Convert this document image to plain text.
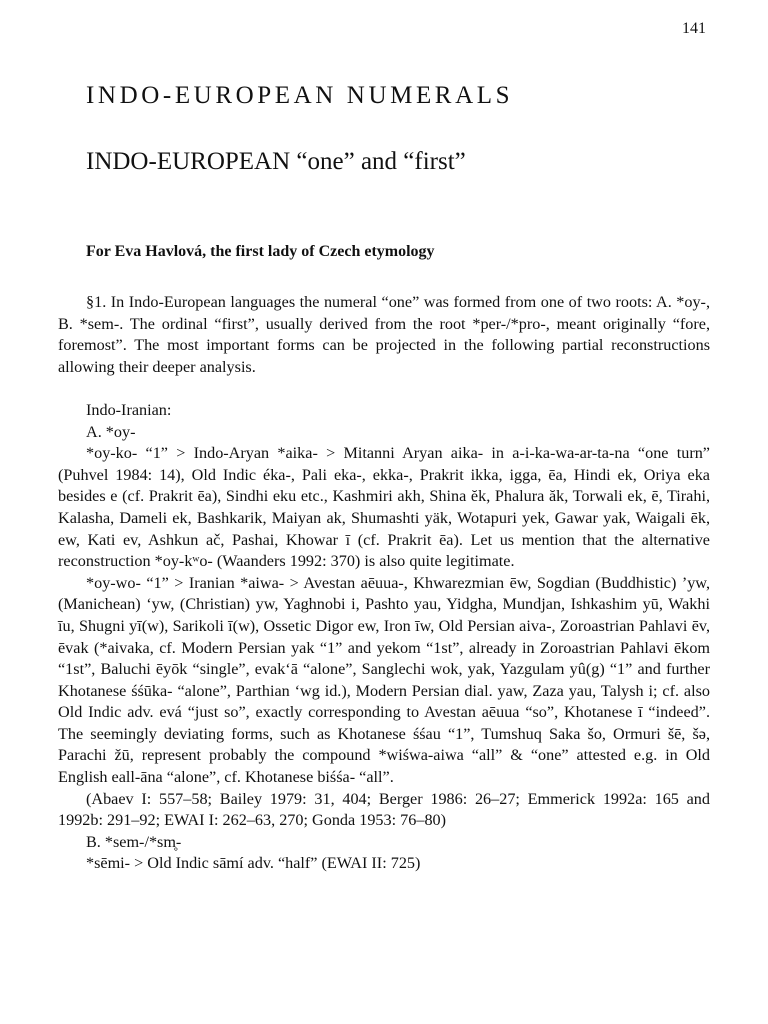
141
INDO-EUROPEAN NUMERALS
INDO-EUROPEAN “one” and “first”
For Eva Havlová, the first lady of Czech etymology

§1. In Indo-European languages the numeral “one” was formed from one of two roots: A. *oy-, B. *sem-. The ordinal “first”, usually derived from the root *per-/*pro-, meant originally “fore, foremost”. The most important forms can be projected in the following partial reconstructions allowing their deeper analysis.

Indo-Iranian:

A. *oy-

*oy-ko- “1” > Indo-Aryan *aika- > Mitanni Aryan aika- in a-i-ka-wa-ar-ta-na “one turn” (Puhvel 1984: 14), Old Indic éka-, Pali eka-, ekka-, Prakrit ikka, igga, ēa, Hindi ek, Oriya eka besides e (cf. Prakrit ēa), Sindhi eku etc., Kashmiri akh, Shina ĕk, Phalura ăk, Torwali ek, ē, Tirahi, Kalasha, Dameli ek, Bashkarik, Maiyan ak, Shumashti yäk, Wotapuri yek, Gawar yak, Waigali ēk, ew, Kati ev, Ashkun ač, Pashai, Khowar ī (cf. Prakrit ēa). Let us mention that the alternative reconstruction *oy-kʷo- (Waanders 1992: 370) is also quite legitimate.

*oy-wo- “1” > Iranian *aiwa- > Avestan aēuua-, Khwarezmian ēw, Sogdian (Buddhistic) ’yw, (Manichean) ‘yw, (Christian) yw, Yaghnobi i, Pashto yau, Yidgha, Mundjan, Ishkashim yū, Wakhi īu, Shugni yī(w), Sarikoli ī(w), Ossetic Digor ew, Iron īw, Old Persian aiva-, Zoroastrian Pahlavi ēv, ēvak (*aivaka, cf. Modern Persian yak “1” and yekom “1st”, already in Zoroastrian Pahlavi ēkom “1st”, Baluchi ēyōk “single”, evak‘ā “alone”, Sanglechi wok, yak, Yazgulam yû(g) “1” and further Khotanese śśūka- “alone”, Parthian ‘wg id.), Modern Persian dial. yaw, Zaza yau, Talysh i; cf. also Old Indic adv. evá “just so”, exactly corresponding to Avestan aēuua “so”, Khotanese ī “indeed”. The seemingly deviating forms, such as Khotanese śśau “1”, Tumshuq Saka šo, Ormuri šē, šə, Parachi žū, represent probably the compound *wiśwa-aiwa “all” & “one” attested e.g. in Old English eall-āna “alone”, cf. Khotanese biśśa- “all”.

(Abaev I: 557–58; Bailey 1979: 31, 404; Berger 1986: 26–27; Emmerick 1992a: 165 and 1992b: 291–92; EWAI I: 262–63, 270; Gonda 1953: 76–80)

B. *sem-/*sm̥-

*sēmi- > Old Indic sāmí adv. “half” (EWAI II: 725)
